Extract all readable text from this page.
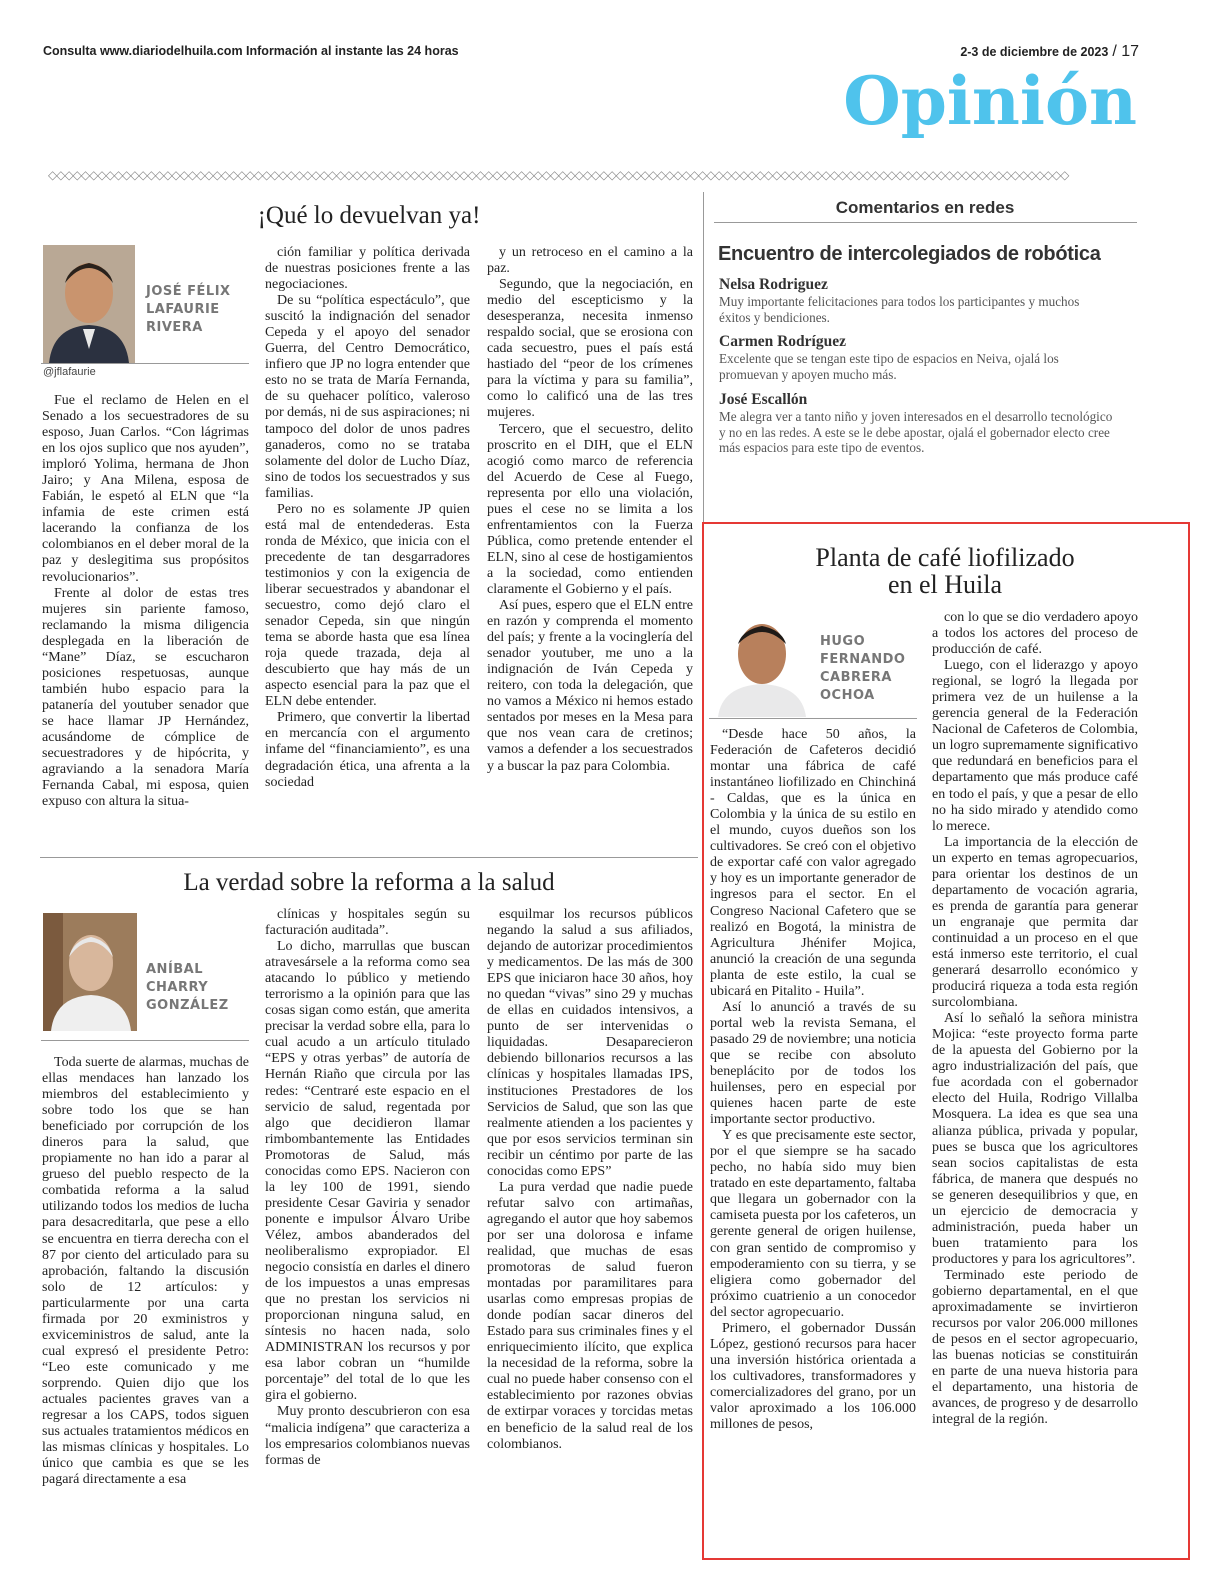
Consulta www.diariodelhuila.com Información al instante las 24 horas	2-3 de diciembre de 2023 / 17
Opinión
◇◇◇◇◇◇◇◇◇◇◇◇◇◇◇◇◇◇◇◇◇◇◇◇◇◇◇◇◇◇◇◇◇◇◇◇◇◇◇◇◇◇◇◇◇◇◇◇◇◇◇◇◇◇◇◇◇◇◇◇◇◇◇◇◇◇◇◇◇◇◇◇◇◇◇◇◇◇◇◇◇◇◇◇◇◇◇◇◇◇◇◇◇◇◇◇◇◇◇◇◇◇◇◇◇◇◇◇◇◇◇◇◇◇◇◇◇◇◇◇◇◇◇◇
¡Qué lo devuelvan ya!
JOSÉ FÉLIX LAFAURIE RIVERA
@jflafaurie

Fue el reclamo de Helen en el Senado a los secuestradores de su esposo, Juan Carlos. “Con lágrimas en los ojos suplico que nos ayuden”, imploró Yolima, hermana de Jhon Jairo; y Ana Milena, esposa de Fabián, le espetó al ELN que “la infamia de este crimen está lacerando la confianza de los colombianos en el deber moral de la paz y deslegitima sus propósitos revolucionarios”.

Frente al dolor de estas tres mujeres sin pariente famoso, reclamando la misma diligencia desplegada en la liberación de “Mane” Díaz, se escucharon posiciones respetuosas, aunque también hubo espacio para la patanería del youtuber senador que se hace llamar JP Hernández, acusándome de cómplice de secuestradores y de hipócrita, y agraviando a la senadora María Fernanda Cabal, mi esposa, quien expuso con altura la situa-

ción familiar y política derivada de nuestras posiciones frente a las negociaciones.

De su “política espectáculo”, que suscitó la indignación del senador Cepeda y el apoyo del senador Guerra, del Centro Democrático, infiero que JP no logra entender que esto no se trata de María Fernanda, de su quehacer político, valeroso por demás, ni de sus aspiraciones; ni tampoco del dolor de unos padres ganaderos, como no se trataba solamente del dolor de Lucho Díaz, sino de todos los secuestrados y sus familias.

Pero no es solamente JP quien está mal de entendederas. Esta ronda de México, que inicia con el precedente de tan desgarradores testimonios y con la exigencia de liberar secuestrados y abandonar el secuestro, como dejó claro el senador Cepeda, sin que ningún tema se aborde hasta que esa línea roja quede trazada, deja al descubierto que hay más de un aspecto esencial para la paz que el ELN debe entender.

Primero, que convertir la libertad en mercancía con el argumento infame del “financiamiento”, es una degradación ética, una afrenta a la sociedad

y un retroceso en el camino a la paz.

Segundo, que la negociación, en medio del escepticismo y la desesperanza, necesita inmenso respaldo social, que se erosiona con cada secuestro, pues el país está hastiado del “peor de los crímenes para la víctima y para su familia”, como lo calificó una de las tres mujeres.

Tercero, que el secuestro, delito proscrito en el DIH, que el ELN acogió como marco de referencia del Acuerdo de Cese al Fuego, representa por ello una violación, pues el cese no se limita a los enfrentamientos con la Fuerza Pública, como pretende entender el ELN, sino al cese de hostigamientos a la sociedad, como entienden claramente el Gobierno y el país.

Así pues, espero que el ELN entre en razón y comprenda el momento del país; y frente a la vocinglería del senador youtuber, me uno a la indignación de Iván Cepeda y reitero, con toda la delegación, que no vamos a México ni hemos estado sentados por meses en la Mesa para que nos vean cara de cretinos; vamos a defender a los secuestrados y a buscar la paz para Colombia.

Comentarios en redes
Encuentro de intercolegiados de robótica
Nelsa Rodriguez
Muy importante felicitaciones para todos los participantes y muchos éxitos y bendiciones.
Carmen Rodríguez
Excelente que se tengan este tipo de espacios en Neiva, ojalá los promuevan y apoyen mucho más.
José Escallón
Me alegra ver a tanto niño y joven interesados en el desarrollo tecnológico y no en las redes. A este se le debe apostar, ojalá el gobernador electo cree más espacios para este tipo de eventos.
La verdad sobre la reforma a la salud
ANÍBAL CHARRY GONZÁLEZ

Toda suerte de alarmas, muchas de ellas mendaces han lanzado los miembros del establecimiento y sobre todo los que se han beneficiado por corrupción de los dineros para la salud, que propiamente no han ido a parar al grueso del pueblo respecto de la combatida reforma a la salud utilizando todos los medios de lucha para desacreditarla, que pese a ello se encuentra en tierra derecha con el 87 por ciento del articulado para su aprobación, faltando la discusión solo de 12 artículos: y particularmente por una carta firmada por 20 exministros y exviceministros de salud, ante la cual expresó el presidente Petro: “Leo este comunicado y me sorprendo. Quien dijo que los actuales pacientes graves van a regresar a los CAPS, todos siguen sus actuales tratamientos médicos en las mismas clínicas y hospitales. Lo único que cambia es que se les pagará directamente a esa

clínicas y hospitales según su facturación auditada”.

Lo dicho, marrullas que buscan atravesársele a la reforma como sea atacando lo público y metiendo terrorismo a la opinión para que las cosas sigan como están, que amerita precisar la verdad sobre ella, para lo cual acudo a un artículo titulado “EPS y otras yerbas” de autoría de Hernán Riaño que circula por las redes: “Centraré este espacio en el servicio de salud, regentada por algo que decidieron llamar rimbombantemente las Entidades Promotoras de Salud, más conocidas como EPS. Nacieron con la ley 100 de 1991, siendo presidente Cesar Gaviria y senador ponente e impulsor Álvaro Uribe Vélez, ambos abanderados del neoliberalismo expropiador. El negocio consistía en darles el dinero de los impuestos a unas empresas que no prestan los servicios ni proporcionan ninguna salud, en síntesis no hacen nada, solo ADMINISTRAN los recursos y por esa labor cobran un “humilde porcentaje” del total de lo que les gira el gobierno.

Muy pronto descubrieron con esa “malicia indígena” que caracteriza a los empresarios colombianos nuevas formas de

esquilmar los recursos públicos negando la salud a sus afiliados, dejando de autorizar procedimientos y medicamentos. De las más de 300 EPS que iniciaron hace 30 años, hoy no quedan “vivas” sino 29 y muchas de ellas en cuidados intensivos, a punto de ser intervenidas o liquidadas. Desaparecieron debiendo billonarios recursos a las clínicas y hospitales llamadas IPS, instituciones Prestadores de los Servicios de Salud, que son las que realmente atienden a los pacientes y que por esos servicios terminan sin recibir un céntimo por parte de las conocidas como EPS”

La pura verdad que nadie puede refutar salvo con artimañas, agregando el autor que hoy sabemos por ser una dolorosa e infame realidad, que muchas de esas promotoras de salud fueron montadas por paramilitares para usarlas como empresas propias de donde podían sacar dineros del Estado para sus criminales fines y el enriquecimiento ilícito, que explica la necesidad de la reforma, sobre la cual no puede haber consenso con el establecimiento por razones obvias de extirpar voraces y torcidas metas en beneficio de la salud real de los colombianos.

Planta de café liofilizado
en el Huila
HUGO FERNANDO CABRERA OCHOA

“Desde hace 50 años, la Federación de Cafeteros decidió montar una fábrica de café instantáneo liofilizado en Chinchiná - Caldas, que es la única en Colombia y la única de su estilo en el mundo, cuyos dueños son los cultivadores. Se creó con el objetivo de exportar café con valor agregado y hoy es un importante generador de ingresos para el sector. En el Congreso Nacional Cafetero que se realizó en Bogotá, la ministra de Agricultura Jhénifer Mojica, anunció la creación de una segunda planta de este estilo, la cual se ubicará en Pitalito - Huila”.

Así lo anunció a través de su portal web la revista Semana, el pasado 29 de noviembre; una noticia que se recibe con absoluto beneplácito por de todos los huilenses, pero en especial por quienes hacen parte de este importante sector productivo.

Y es que precisamente este sector, por el que siempre se ha sacado pecho, no había sido muy bien tratado en este departamento, faltaba que llegara un gobernador con la camiseta puesta por los cafeteros, un gerente general de origen huilense, con gran sentido de compromiso y empoderamiento con su tierra, y se eligiera como gobernador del próximo cuatrienio a un conocedor del sector agropecuario.

Primero, el gobernador Dussán López, gestionó recursos para hacer una inversión histórica orientada a los cultivadores, transformadores y comercializadores del grano, por un valor aproximado a los 106.000 millones de pesos,

con lo que se dio verdadero apoyo a todos los actores del proceso de producción de café.

Luego, con el liderazgo y apoyo regional, se logró la llegada por primera vez de un huilense a la gerencia general de la Federación Nacional de Cafeteros de Colombia, un logro supremamente significativo que redundará en beneficios para el departamento que más produce café en todo el país, y que a pesar de ello no ha sido mirado y atendido como lo merece.

La importancia de la elección de un experto en temas agropecuarios, para orientar los destinos de un departamento de vocación agraria, es prenda de garantía para generar un engranaje que permita dar continuidad a un proceso en el que está inmerso este territorio, el cual generará desarrollo económico y producirá riqueza a toda esta región surcolombiana.

Así lo señaló la señora ministra Mojica: “este proyecto forma parte de la apuesta del Gobierno por la agro industrialización del país, que fue acordada con el gobernador electo del Huila, Rodrigo Villalba Mosquera. La idea es que sea una alianza pública, privada y popular, pues se busca que los agricultores sean socios capitalistas de esta fábrica, de manera que después no se generen desequilibrios y que, en un ejercicio de democracia y administración, pueda haber un buen tratamiento para los productores y para los agricultores”.

Terminado este periodo de gobierno departamental, en el que aproximadamente se invirtieron recursos por valor 206.000 millones de pesos en el sector agropecuario, las buenas noticias se constituirán en parte de una nueva historia para el departamento, una historia de avances, de progreso y de desarrollo integral de la región.
